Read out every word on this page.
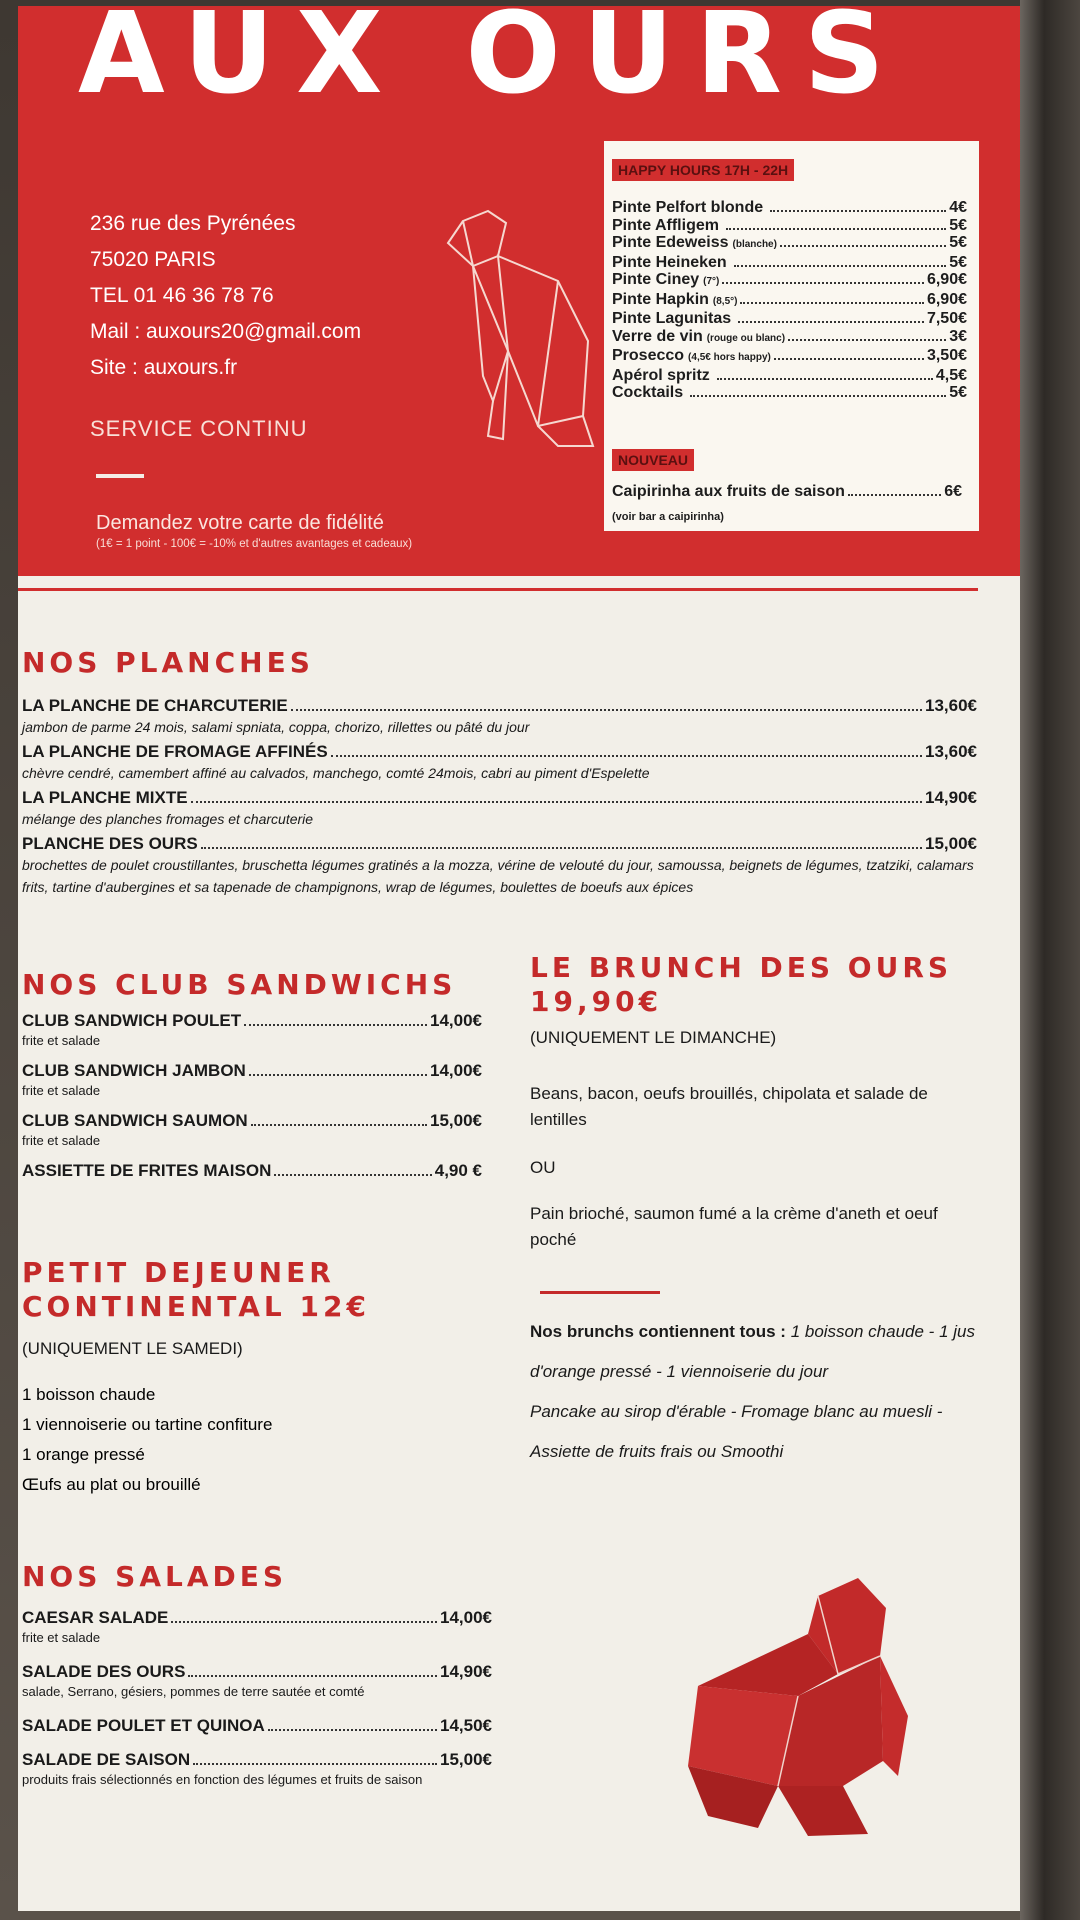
AUX OURS
236 rue des Pyrénées
75020 PARIS
TEL 01 46 36 78 76
Mail : auxours20@gmail.com
Site : auxours.fr
SERVICE CONTINU
Demandez votre carte de fidélité
(1€ = 1 point - 100€ = -10% et d'autres avantages et cadeaux)
HAPPY HOURS 17H - 22H
Pinte Pelfort blonde	4€
Pinte Affligem	5€
Pinte Edeweiss (blanche)	5€
Pinte Heineken	5€
Pinte Ciney (7°)	6,90€
Pinte Hapkin (8,5°)	6,90€
Pinte Lagunitas	7,50€
Verre de vin (rouge ou blanc)	3€
Prosecco (4,5€ hors happy)	3,50€
Apérol spritz	4,5€
Cocktails	5€
NOUVEAU
Caipirinha aux fruits de saison	6€
(voir bar a caipirinha)
NOS PLANCHES
LA PLANCHE DE CHARCUTERIE	13,60€
jambon de parme 24 mois, salami spniata, coppa, chorizo, rillettes ou pâté du jour
LA PLANCHE DE FROMAGE AFFINÉS	13,60€
chèvre cendré, camembert affiné au calvados, manchego, comté 24mois, cabri au piment d'Espelette
LA PLANCHE MIXTE	14,90€
mélange des planches fromages et charcuterie
PLANCHE DES OURS	15,00€
brochettes de poulet croustillantes, bruschetta légumes gratinés a la mozza, vérine de velouté du jour, samoussa, beignets de légumes, tzatziki, calamars frits, tartine d'aubergines et sa tapenade de champignons, wrap de légumes, boulettes de boeufs aux épices
NOS CLUB SANDWICHS
CLUB SANDWICH POULET	14,00€
frite et salade
CLUB SANDWICH JAMBON	14,00€
frite et salade
CLUB SANDWICH SAUMON	15,00€
frite et salade
ASSIETTE DE FRITES MAISON	4,90 €
LE BRUNCH DES OURS
19,90€

(UNIQUEMENT LE DIMANCHE)

Beans, bacon, oeufs brouillés, chipolata et salade de lentilles

OU

Pain brioché, saumon fumé a la crème d'aneth et oeuf poché

Nos brunchs contiennent tous : 1 boisson chaude - 1 jus d'orange pressé - 1 viennoiserie du jour

Pancake au sirop d'érable - Fromage blanc au muesli - Assiette de fruits frais ou Smoothi

PETIT DEJEUNER
CONTINENTAL 12€
(UNIQUEMENT LE SAMEDI)
1 boisson chaude
1 viennoiserie ou tartine confiture
1 orange pressé
Œufs au plat ou brouillé
NOS SALADES
CAESAR SALADE	14,00€
frite et salade
SALADE DES OURS	14,90€
salade, Serrano, gésiers, pommes de terre sautée et comté
SALADE POULET ET QUINOA	14,50€
SALADE DE SAISON	15,00€
produits frais sélectionnés en fonction des légumes et fruits de saison
